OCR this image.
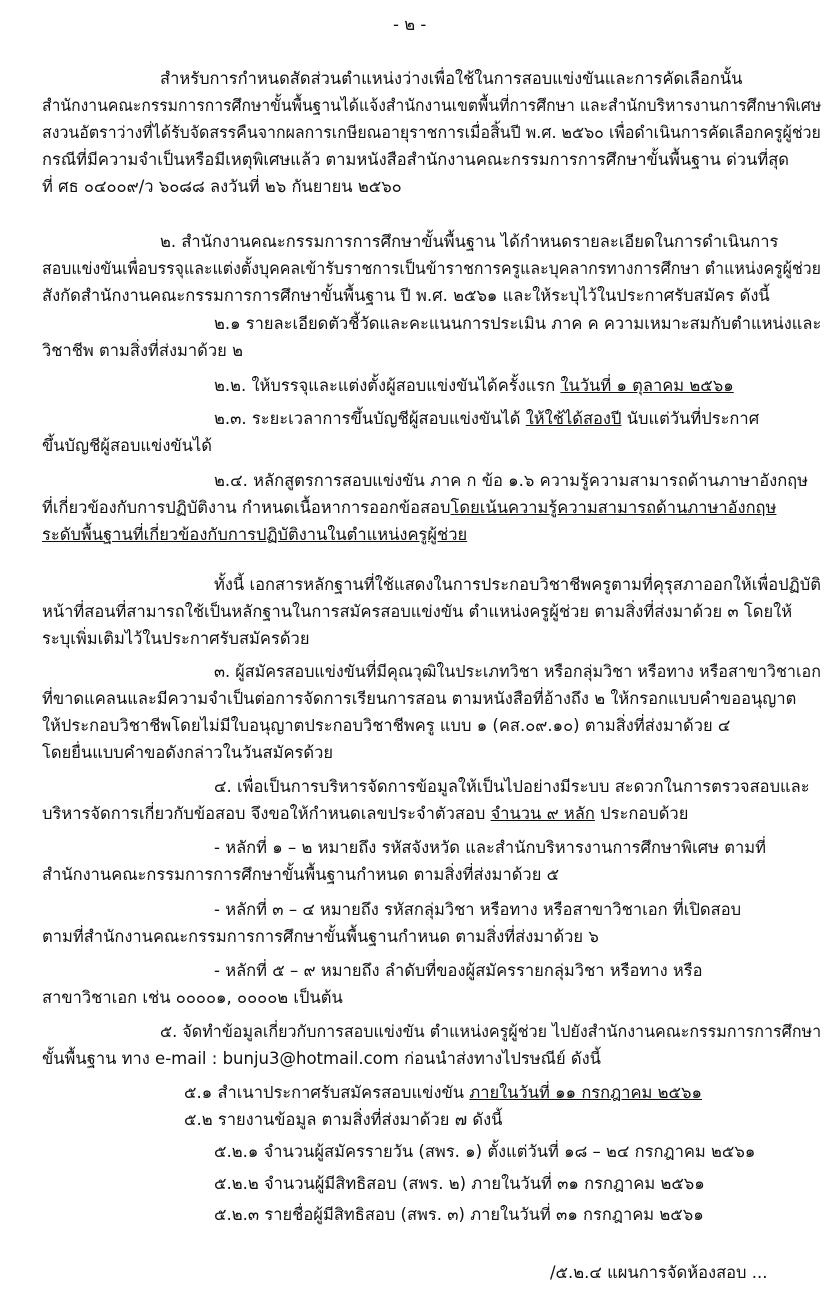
- ๒ -
สำหรับการกำหนดสัดส่วนตำแหน่งว่างเพื่อใช้ในการสอบแข่งขันและการคัดเลือกนั้น
สำนักงานคณะกรรมการการศึกษาขั้นพื้นฐานได้แจ้งสำนักงานเขตพื้นที่การศึกษา และสำนักบริหารงานการศึกษาพิเศษ
สงวนอัตราว่างที่ได้รับจัดสรรคืนจากผลการเกษียณอายุราชการเมื่อสิ้นปี พ.ศ. ๒๕๖๐ เพื่อดำเนินการคัดเลือกครูผู้ช่วย
กรณีที่มีความจำเป็นหรือมีเหตุพิเศษแล้ว ตามหนังสือสำนักงานคณะกรรมการการศึกษาขั้นพื้นฐาน ด่วนที่สุด
ที่ ศธ ๐๔๐๐๙/ว ๖๐๘๘ ลงวันที่ ๒๖ กันยายน ๒๕๖๐
๒. สำนักงานคณะกรรมการการศึกษาขั้นพื้นฐาน ได้กำหนดรายละเอียดในการดำเนินการ
สอบแข่งขันเพื่อบรรจุและแต่งตั้งบุคคลเข้ารับราชการเป็นข้าราชการครูและบุคลากรทางการศึกษา ตำแหน่งครูผู้ช่วย
สังกัดสำนักงานคณะกรรมการการศึกษาขั้นพื้นฐาน ปี พ.ศ. ๒๕๖๑ และให้ระบุไว้ในประกาศรับสมัคร ดังนี้
๒.๑ รายละเอียดตัวชี้วัดและคะแนนการประเมิน ภาค ค ความเหมาะสมกับตำแหน่งและ
วิชาชีพ ตามสิ่งที่ส่งมาด้วย ๒
๒.๒. ให้บรรจุและแต่งตั้งผู้สอบแข่งขันได้ครั้งแรก ในวันที่ ๑ ตุลาคม ๒๕๖๑
๒.๓. ระยะเวลาการขึ้นบัญชีผู้สอบแข่งขันได้ ให้ใช้ได้สองปี นับแต่วันที่ประกาศ
ขึ้นบัญชีผู้สอบแข่งขันได้
๒.๔. หลักสูตรการสอบแข่งขัน ภาค ก ข้อ ๑.๖ ความรู้ความสามารถด้านภาษาอังกฤษ
ที่เกี่ยวข้องกับการปฏิบัติงาน กำหนดเนื้อหาการออกข้อสอบโดยเน้นความรู้ความสามารถด้านภาษาอังกฤษ
ระดับพื้นฐานที่เกี่ยวข้องกับการปฏิบัติงานในตำแหน่งครูผู้ช่วย
ทั้งนี้ เอกสารหลักฐานที่ใช้แสดงในการประกอบวิชาชีพครูตามที่คุรุสภาออกให้เพื่อปฏิบัติ
หน้าที่สอนที่สามารถใช้เป็นหลักฐานในการสมัครสอบแข่งขัน ตำแหน่งครูผู้ช่วย ตามสิ่งที่ส่งมาด้วย ๓ โดยให้
ระบุเพิ่มเติมไว้ในประกาศรับสมัครด้วย
๓. ผู้สมัครสอบแข่งขันที่มีคุณวุฒิในประเภทวิชา หรือกลุ่มวิชา หรือทาง หรือสาขาวิชาเอก
ที่ขาดแคลนและมีความจำเป็นต่อการจัดการเรียนการสอน ตามหนังสือที่อ้างถึง ๒ ให้กรอกแบบคำขออนุญาต
ให้ประกอบวิชาชีพโดยไม่มีใบอนุญาตประกอบวิชาชีพครู แบบ ๑ (คส.๐๙.๑๐) ตามสิ่งที่ส่งมาด้วย ๔
โดยยื่นแบบคำขอดังกล่าวในวันสมัครด้วย
๔. เพื่อเป็นการบริหารจัดการข้อมูลให้เป็นไปอย่างมีระบบ สะดวกในการตรวจสอบและ
บริหารจัดการเกี่ยวกับข้อสอบ จึงขอให้กำหนดเลขประจำตัวสอบ จำนวน ๙ หลัก ประกอบด้วย
- หลักที่ ๑ – ๒ หมายถึง รหัสจังหวัด และสำนักบริหารงานการศึกษาพิเศษ ตามที่
สำนักงานคณะกรรมการการศึกษาขั้นพื้นฐานกำหนด ตามสิ่งที่ส่งมาด้วย ๕
- หลักที่ ๓ – ๔ หมายถึง รหัสกลุ่มวิชา หรือทาง หรือสาขาวิชาเอก ที่เปิดสอบ
ตามที่สำนักงานคณะกรรมการการศึกษาขั้นพื้นฐานกำหนด ตามสิ่งที่ส่งมาด้วย ๖
- หลักที่ ๕ – ๙ หมายถึง ลำดับที่ของผู้สมัครรายกลุ่มวิชา หรือทาง หรือ
สาขาวิชาเอก เช่น ๐๐๐๐๑, ๐๐๐๐๒ เป็นต้น
๕. จัดทำข้อมูลเกี่ยวกับการสอบแข่งขัน ตำแหน่งครูผู้ช่วย ไปยังสำนักงานคณะกรรมการการศึกษา
ขั้นพื้นฐาน ทาง e-mail : bunju3@hotmail.com ก่อนนำส่งทางไปรษณีย์ ดังนี้
๕.๑ สำเนาประกาศรับสมัครสอบแข่งขัน ภายในวันที่ ๑๑ กรกฎาคม ๒๕๖๑
๕.๒ รายงานข้อมูล ตามสิ่งที่ส่งมาด้วย ๗ ดังนี้
๕.๒.๑ จำนวนผู้สมัครรายวัน (สพร. ๑) ตั้งแต่วันที่ ๑๘ – ๒๔ กรกฎาคม ๒๕๖๑
๕.๒.๒ จำนวนผู้มีสิทธิสอบ (สพร. ๒) ภายในวันที่ ๓๑ กรกฎาคม ๒๕๖๑
๕.๒.๓ รายชื่อผู้มีสิทธิสอบ (สพร. ๓) ภายในวันที่ ๓๑ กรกฎาคม ๒๕๖๑
/๕.๒.๔ แผนการจัดห้องสอบ ...
